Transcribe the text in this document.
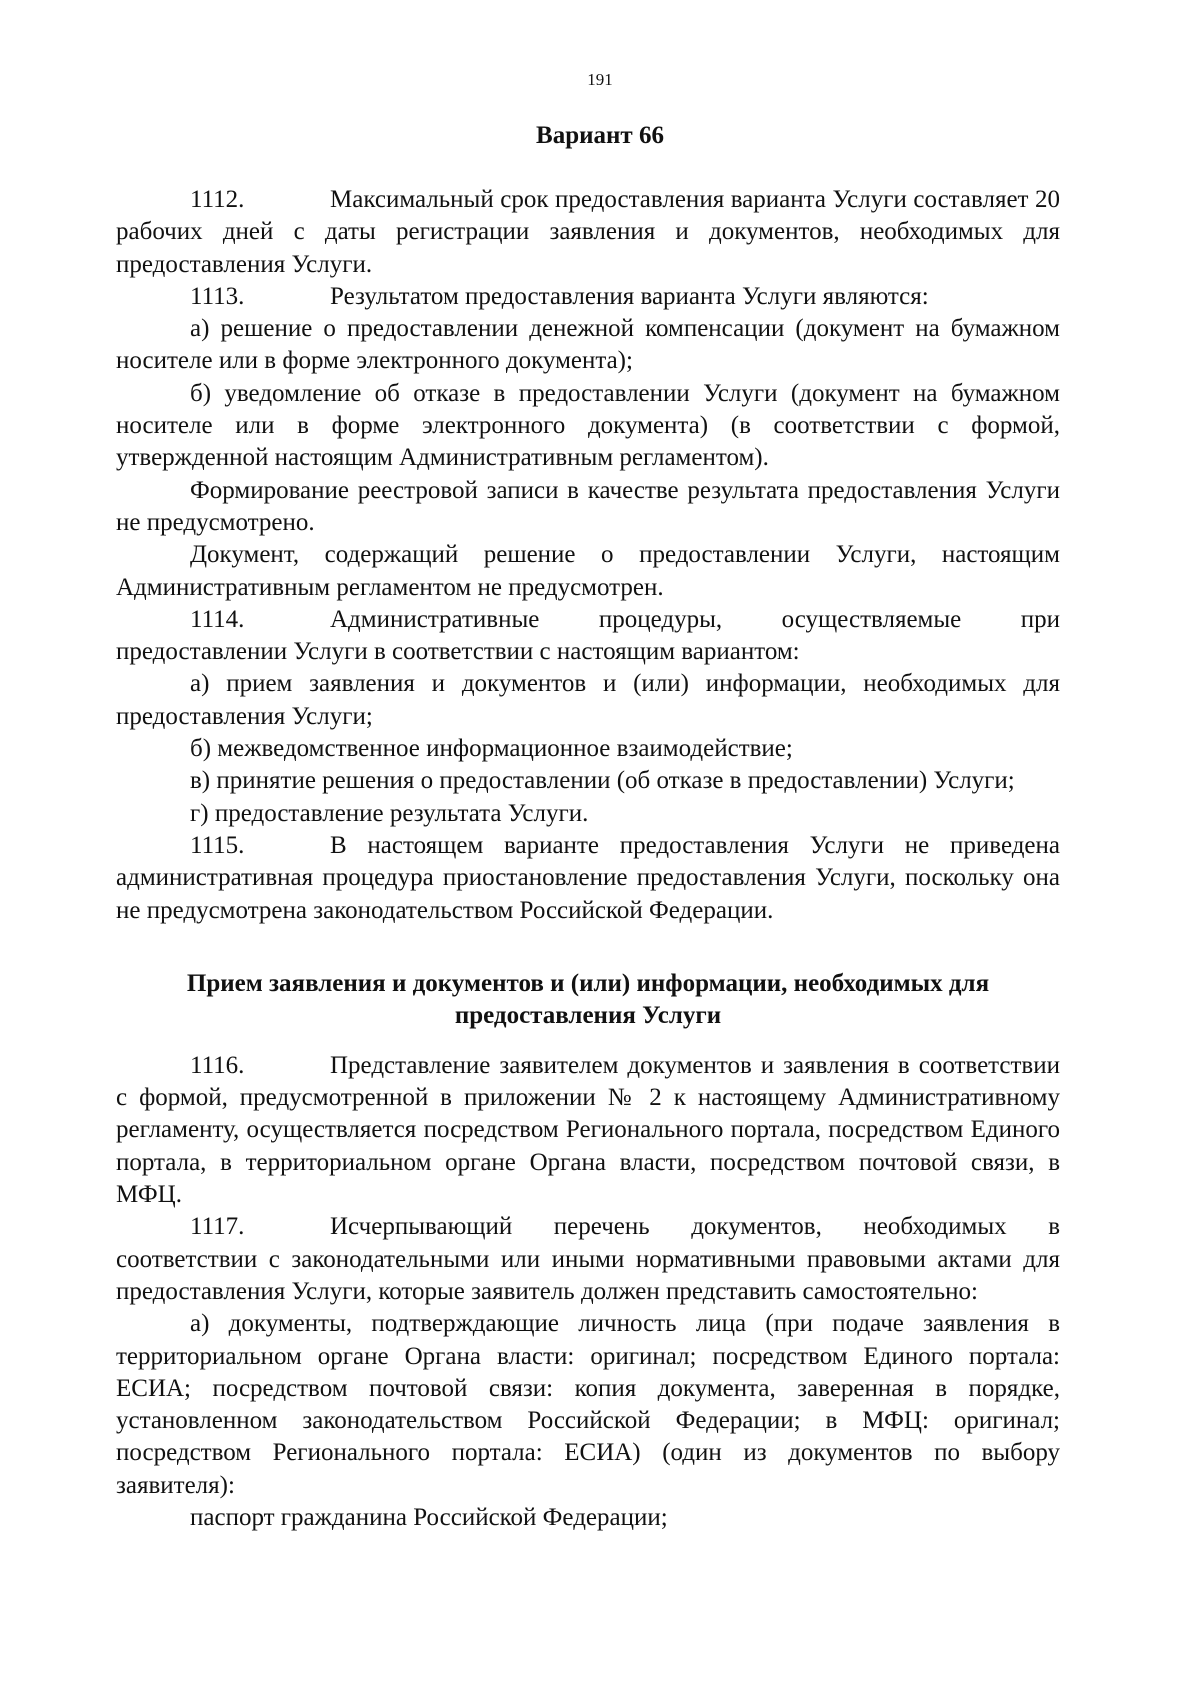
191
Вариант 66

1112.	Максимальный срок предоставления варианта Услуги составляет 20 рабочих дней с даты регистрации заявления и документов, необходимых для предоставления Услуги.

1113.	Результатом предоставления варианта Услуги являются:

а) решение о предоставлении денежной компенсации (документ на бумажном носителе или в форме электронного документа);

б) уведомление об отказе в предоставлении Услуги (документ на бумажном носителе или в форме электронного документа) (в соответствии с формой, утвержденной настоящим Административным регламентом).

Формирование реестровой записи в качестве результата предоставления Услуги не предусмотрено.

Документ, содержащий решение о предоставлении Услуги, настоящим Административным регламентом не предусмотрен.

1114.	Административные процедуры, осуществляемые при предоставлении Услуги в соответствии с настоящим вариантом:

а) прием заявления и документов и (или) информации, необходимых для предоставления Услуги;

б) межведомственное информационное взаимодействие;

в) принятие решения о предоставлении (об отказе в предоставлении) Услуги;

г) предоставление результата Услуги.

1115.	В настоящем варианте предоставления Услуги не приведена административная процедура приостановление предоставления Услуги, поскольку она не предусмотрена законодательством Российской Федерации.

Прием заявления и документов и (или) информации, необходимых для предоставления Услуги

1116.	Представление заявителем документов и заявления в соответствии с формой, предусмотренной в приложении № 2 к настоящему Административному регламенту, осуществляется посредством Регионального портала, посредством Единого портала, в территориальном органе Органа власти, посредством почтовой связи, в МФЦ.

1117.	Исчерпывающий перечень документов, необходимых в соответствии с законодательными или иными нормативными правовыми актами для предоставления Услуги, которые заявитель должен представить самостоятельно:

а) документы, подтверждающие личность лица (при подаче заявления в территориальном органе Органа власти: оригинал; посредством Единого портала: ЕСИА; посредством почтовой связи: копия документа, заверенная в порядке, установленном законодательством Российской Федерации; в МФЦ: оригинал; посредством Регионального портала: ЕСИА) (один из документов по выбору заявителя):

паспорт гражданина Российской Федерации;
